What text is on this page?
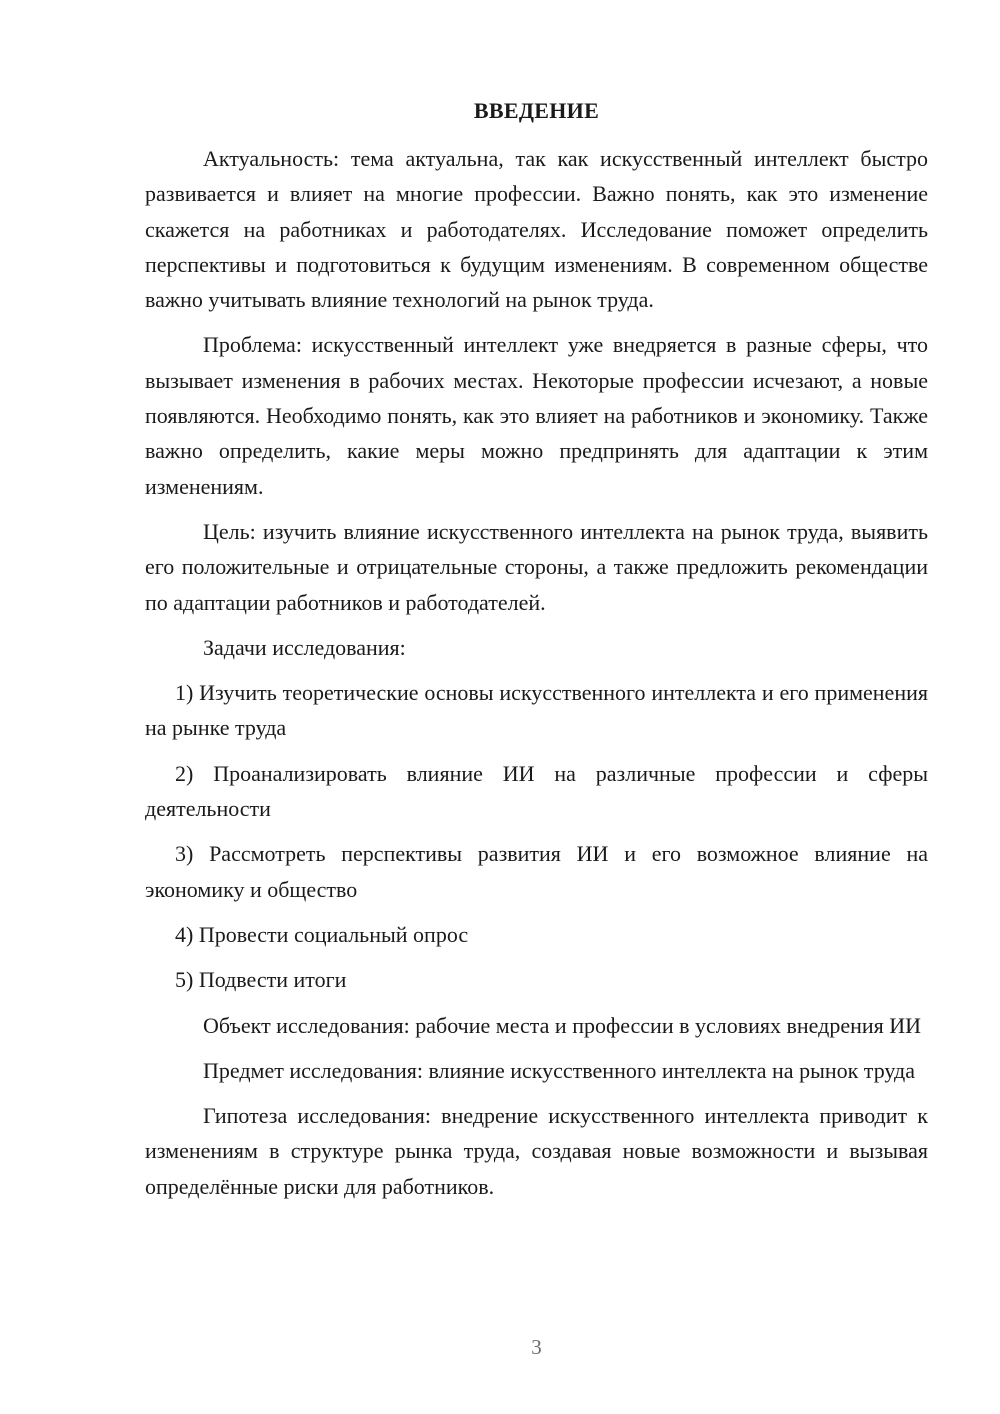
ВВЕДЕНИЕ

Актуальность: тема актуальна, так как искусственный интеллект быстро развивается и влияет на многие профессии. Важно понять, как это изменение скажется на работниках и работодателях. Исследование поможет определить перспективы и подготовиться к будущим изменениям. В современном обществе важно учитывать влияние технологий на рынок труда.

Проблема: искусственный интеллект уже внедряется в разные сферы, что вызывает изменения в рабочих местах. Некоторые профессии исчезают, а новые появляются. Необходимо понять, как это влияет на работников и экономику. Также важно определить, какие меры можно предпринять для адаптации к этим изменениям.

Цель: изучить влияние искусственного интеллекта на рынок труда, выявить его положительные и отрицательные стороны, а также предложить рекомендации по адаптации работников и работодателей.

Задачи исследования:

1) Изучить теоретические основы искусственного интеллекта и его применения на рынке труда

2) Проанализировать влияние ИИ на различные профессии и сферы деятельности

3) Рассмотреть перспективы развития ИИ и его возможное влияние на экономику и общество

4) Провести социальный опрос

5) Подвести итоги

Объект исследования: рабочие места и профессии в условиях внедрения ИИ

Предмет исследования: влияние искусственного интеллекта на рынок труда

Гипотеза исследования: внедрение искусственного интеллекта приводит к изменениям в структуре рынка труда, создавая новые возможности и вызывая определённые риски для работников.

3
